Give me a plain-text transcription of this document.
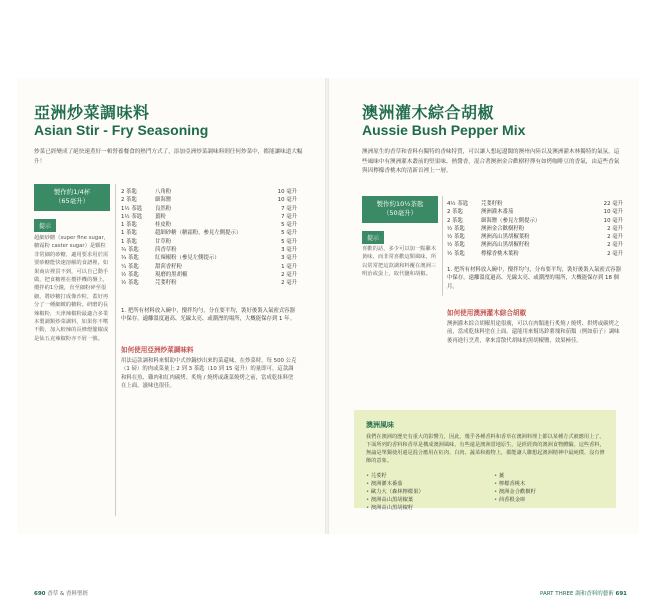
亞洲炒菜調味料
Asian Stir - Fry Seasoning

炒菜已經變成了絕快速煮好一頓營養餐食的熱門方式了，添加亞洲炒菜調味料則任何炒菜中，都能讓味道大幅升！

製作約1/4杯
（65毫升）
提示

超細砂糖（super fine sugar，糖霜粉 caster sugar）是顆粒非常細的砂糖，適用要求用於需要砂糖能快速溶解的食譜裡。如果商店裡買不到，可以自己動手做，把食糖裡在攪拌機的盤上，攪拌約1分鐘，直至細粉碎至很細，將砂糖打成像沙粒，蓋好再分了一種細緻的糖粉。研磨的長辣椒粉，天津辣椒粉最適合多業本製調類炒菜調料，如果你不嗜不動，加入較辣的長條燈籠椒或是仙五克辣椒粉亦不屑一號。

2 茶匙	八角粉	10 毫升
2 茶匙	細海鹽	10 毫升
1½ 茶匙	良然粉	7 毫升
1½ 茶匙	薑粉	7 毫升
1 茶匙	桂皮粉	5 毫升
1 茶匙	超細砂糖（糖霜粉，參見左側提示）	5 毫升
1 茶匙	甘草粉	5 毫升
¾ 茶匙	茴香草粉	3 毫升
¾ 茶匙	紅辣椒粉（參見左側提示）	3 毫升
¼ 茶匙	甜茴香籽粉	1 毫升
½ 茶匙	現磨的黑胡椒	2 毫升
½ 茶匙	芫荽籽粉	2 毫升

1. 把所有材料放入碗中，攪拌均勻，分在要平均，裝好後裝入氣密式容器中保存，適離溫度過高、光線太亮、或潮溼的場所，大概能保存到 1 年。

如何使用亞洲炒菜調味料

用法這款調和料來幫助中式炒鍋炒出來的菜還味，在炒菜時，每 500 公克（1 磅）的肉或菜量上 2 到 3 茶匙（10 到 15 毫升）的量即可。這款調和料在魚、雞肉和紅肉碳烤、炙燒 / 燒烤或蔬菜燒烤之前，當成乾抹料塗在上面，滋味也很佳。

690 香草 & 香料聖經
澳洲灌木綜合胡椒
Aussie Bush Pepper Mix

澳洲原生的香草和香料有獨特的香味特質，可以讓人想起遼闊的澳州內陸以及澳洲灌木林獨特的氣氛，這些風味中有澳洲灌木叢前的堅果味、熱醬香，混合著澳洲金合歡樹籽擇有如烤咖啡豆的香氣，由這些香氣與因檸檬香桃木的清新首裡上一層。

製作約10½茶匙
（50毫升）
提示

喜歡的話，多少可以加一點雞木黃味，而非常喜歡這類風味，所以常常把這款調和料覆在澳洲三明治或蛋上，取代鹽和胡椒。

4½ 茶匙	芫荽籽粉	22 毫升
2 茶匙	澳洲灌木番茄	10 毫升
2 茶匙	細海鹽（參見左側提示）	10 毫升
½ 茶匙	澳洲金合歡樹籽粉	2 毫升
½ 茶匙	澳洲高山黑胡椒葉粉	2 毫升
½ 茶匙	澳洲高山黑胡椒籽粉	2 毫升
½ 茶匙	檸檬香桃木葉粉	2 毫升

1. 把所有材料放入碗中，攪拌均勻，分布要平均，裝好後裝入氣密式容器中保存，遠離溫度過高、光線太亮、或潮溼的場所，大概能保存到 18 個月。

如何使用澳洲灌木綜合胡椒

澳洲灌木綜合胡椒用途很廣，可以在肉類進行炙燒 / 燒烤、拱烤或碳烤之前，當成乾抹料塗在上面。還能用來幫馬鈴薯塊和茄類（例如茄子）調味後再進行烹煮，拿來當散代胡味的黑胡椒鹽，效果極佳。

澳洲風味

我們在澳洲的歷史有重大的影響力，因此，幾乎各種香料和香草在澳洲料理上都以某種方式被應用上了。下面所列的香料和香草是構成澳洲風味，有些還是澳洲當地原生，是經經典的澳洲食物體驗。這些香料，無論是單獨使用還是混合應用在紅肉、白肉、蔬菜和穀物上，都能讓人聯想起澳洲精神中最純樸、沒有修飾的意象。

• 芫荽籽
• 澳洲灌木番茄
• 歐力大（森林檸檬果）
• 澳洲高山黑胡椒葉
• 澳洲高山黑胡椒籽
• 薑
• 檸檬香桃木
• 澳洲金合歡樹籽
• 茴香根金庫
PART THREE 調和香料的藝術 691
